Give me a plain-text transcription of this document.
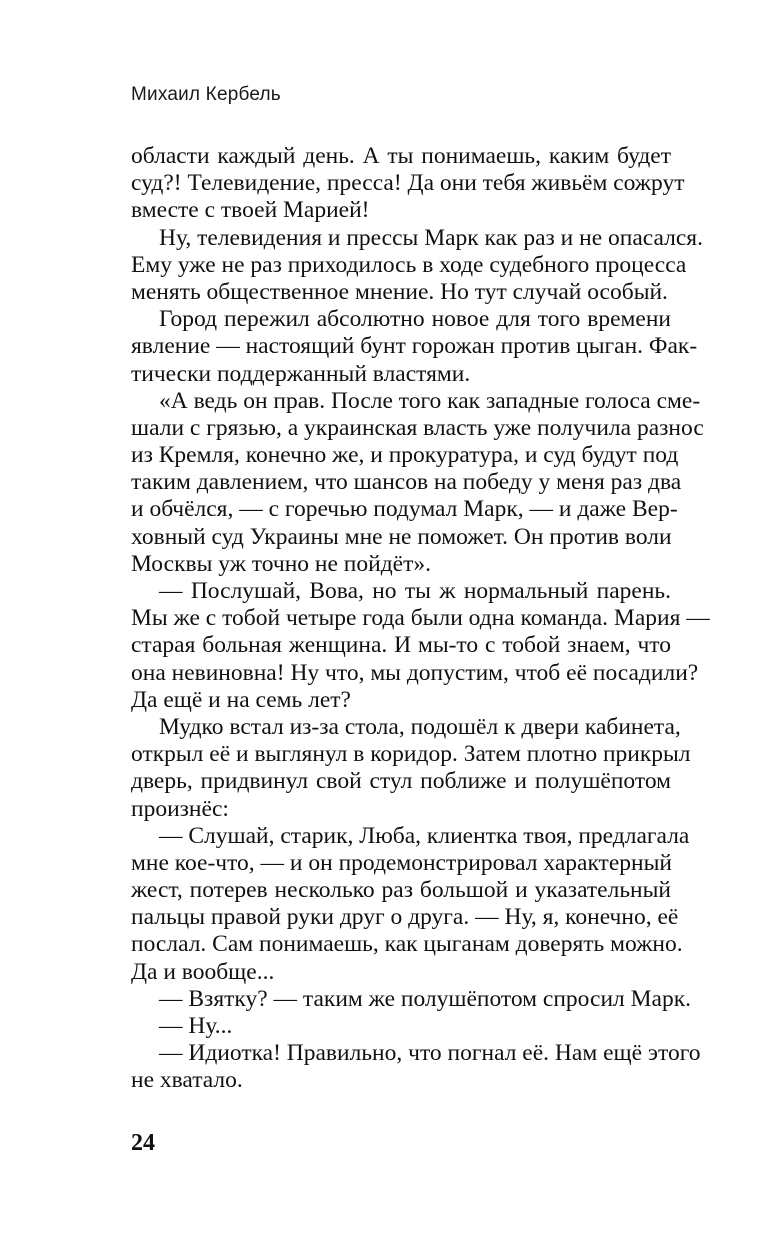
Михаил Кербель
области каждый день. А ты понимаешь, каким будет
суд?! Телевидение, пресса! Да они тебя живьём сожрут
вместе с твоей Марией!
Ну, телевидения и прессы Марк как раз и не опасался.
Ему уже не раз приходилось в ходе судебного процесса
менять общественное мнение. Но тут случай особый.
Город пережил абсолютно новое для того времени
явление — настоящий бунт горожан против цыган. Фак-
тически поддержанный властями.
«А ведь он прав. После того как западные голоса сме-
шали с грязью, а украинская власть уже получила разнос
из Кремля, конечно же, и прокуратура, и суд будут под
таким давлением, что шансов на победу у меня раз два
и обчёлся, — с горечью подумал Марк, — и даже Вер-
ховный суд Украины мне не поможет. Он против воли
Москвы уж точно не пойдёт».
— Послушай, Вова, но ты ж нормальный парень.
Мы же с тобой четыре года были одна команда. Мария —
старая больная женщина. И мы-то с тобой знаем, что
она невиновна! Ну что, мы допустим, чтоб её посадили?
Да ещё и на семь лет?
Мудко встал из-за стола, подошёл к двери кабинета,
открыл её и выглянул в коридор. Затем плотно прикрыл
дверь, придвинул свой стул поближе и полушёпотом
произнёс:
— Слушай, старик, Люба, клиентка твоя, предлагала
мне кое-что, — и он продемонстрировал характерный
жест, потерев несколько раз большой и указательный
пальцы правой руки друг о друга. — Ну, я, конечно, её
послал. Сам понимаешь, как цыганам доверять можно.
Да и вообще...
— Взятку? — таким же полушёпотом спросил Марк.
— Ну...
— Идиотка! Правильно, что погнал её. Нам ещё этого
не хватало.
24
